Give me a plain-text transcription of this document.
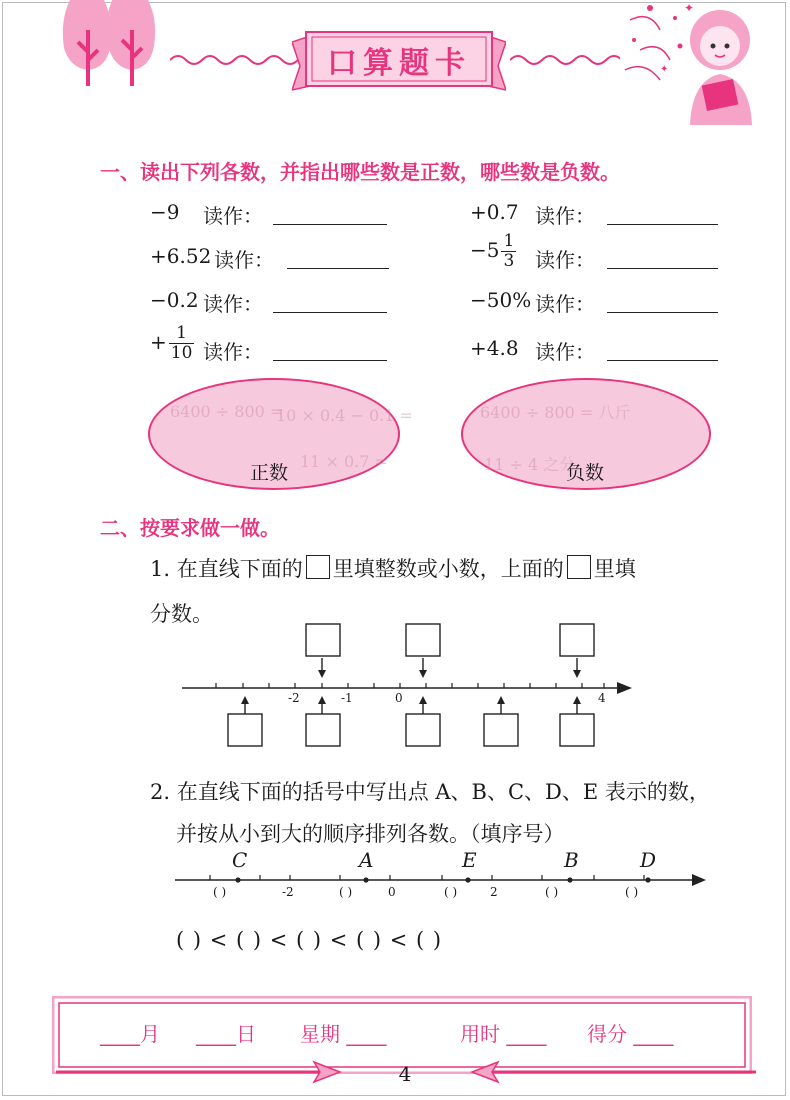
口算题卡
✦
✦
一、读出下列各数，并指出哪些数是正数，哪些数是负数。
−9 读作：
+6.52 读作：
−0.2 读作：
+ $\frac{1}{10}$ 读作：
+0.7 读作：
$-5 \frac{1}{3}$ 读作：
−50% 读作：
+4.8 读作：
6400 ÷ 800 =
10 × 0.4 − 0.1 =
11 × 0.7 =
正数
6400 ÷ 800 = 八斤
11 ÷ 4 之分
负数
二、按要求做一做。
1. 在直线下面的 里填整数或小数，上面的 里填
分数。
-2	-1	0	4
2. 在直线下面的括号中写出点 A、B、C、D、E 表示的数，
并按从小到大的顺序排列各数。（填序号）
C	A	E	B	D
-2	0	2
( )	( )	( )	( )	( )
( ) < ( ) < ( ) < ( ) < ( )
____月 ____日 星期 ____	用时 ____ 得分 ____
4
